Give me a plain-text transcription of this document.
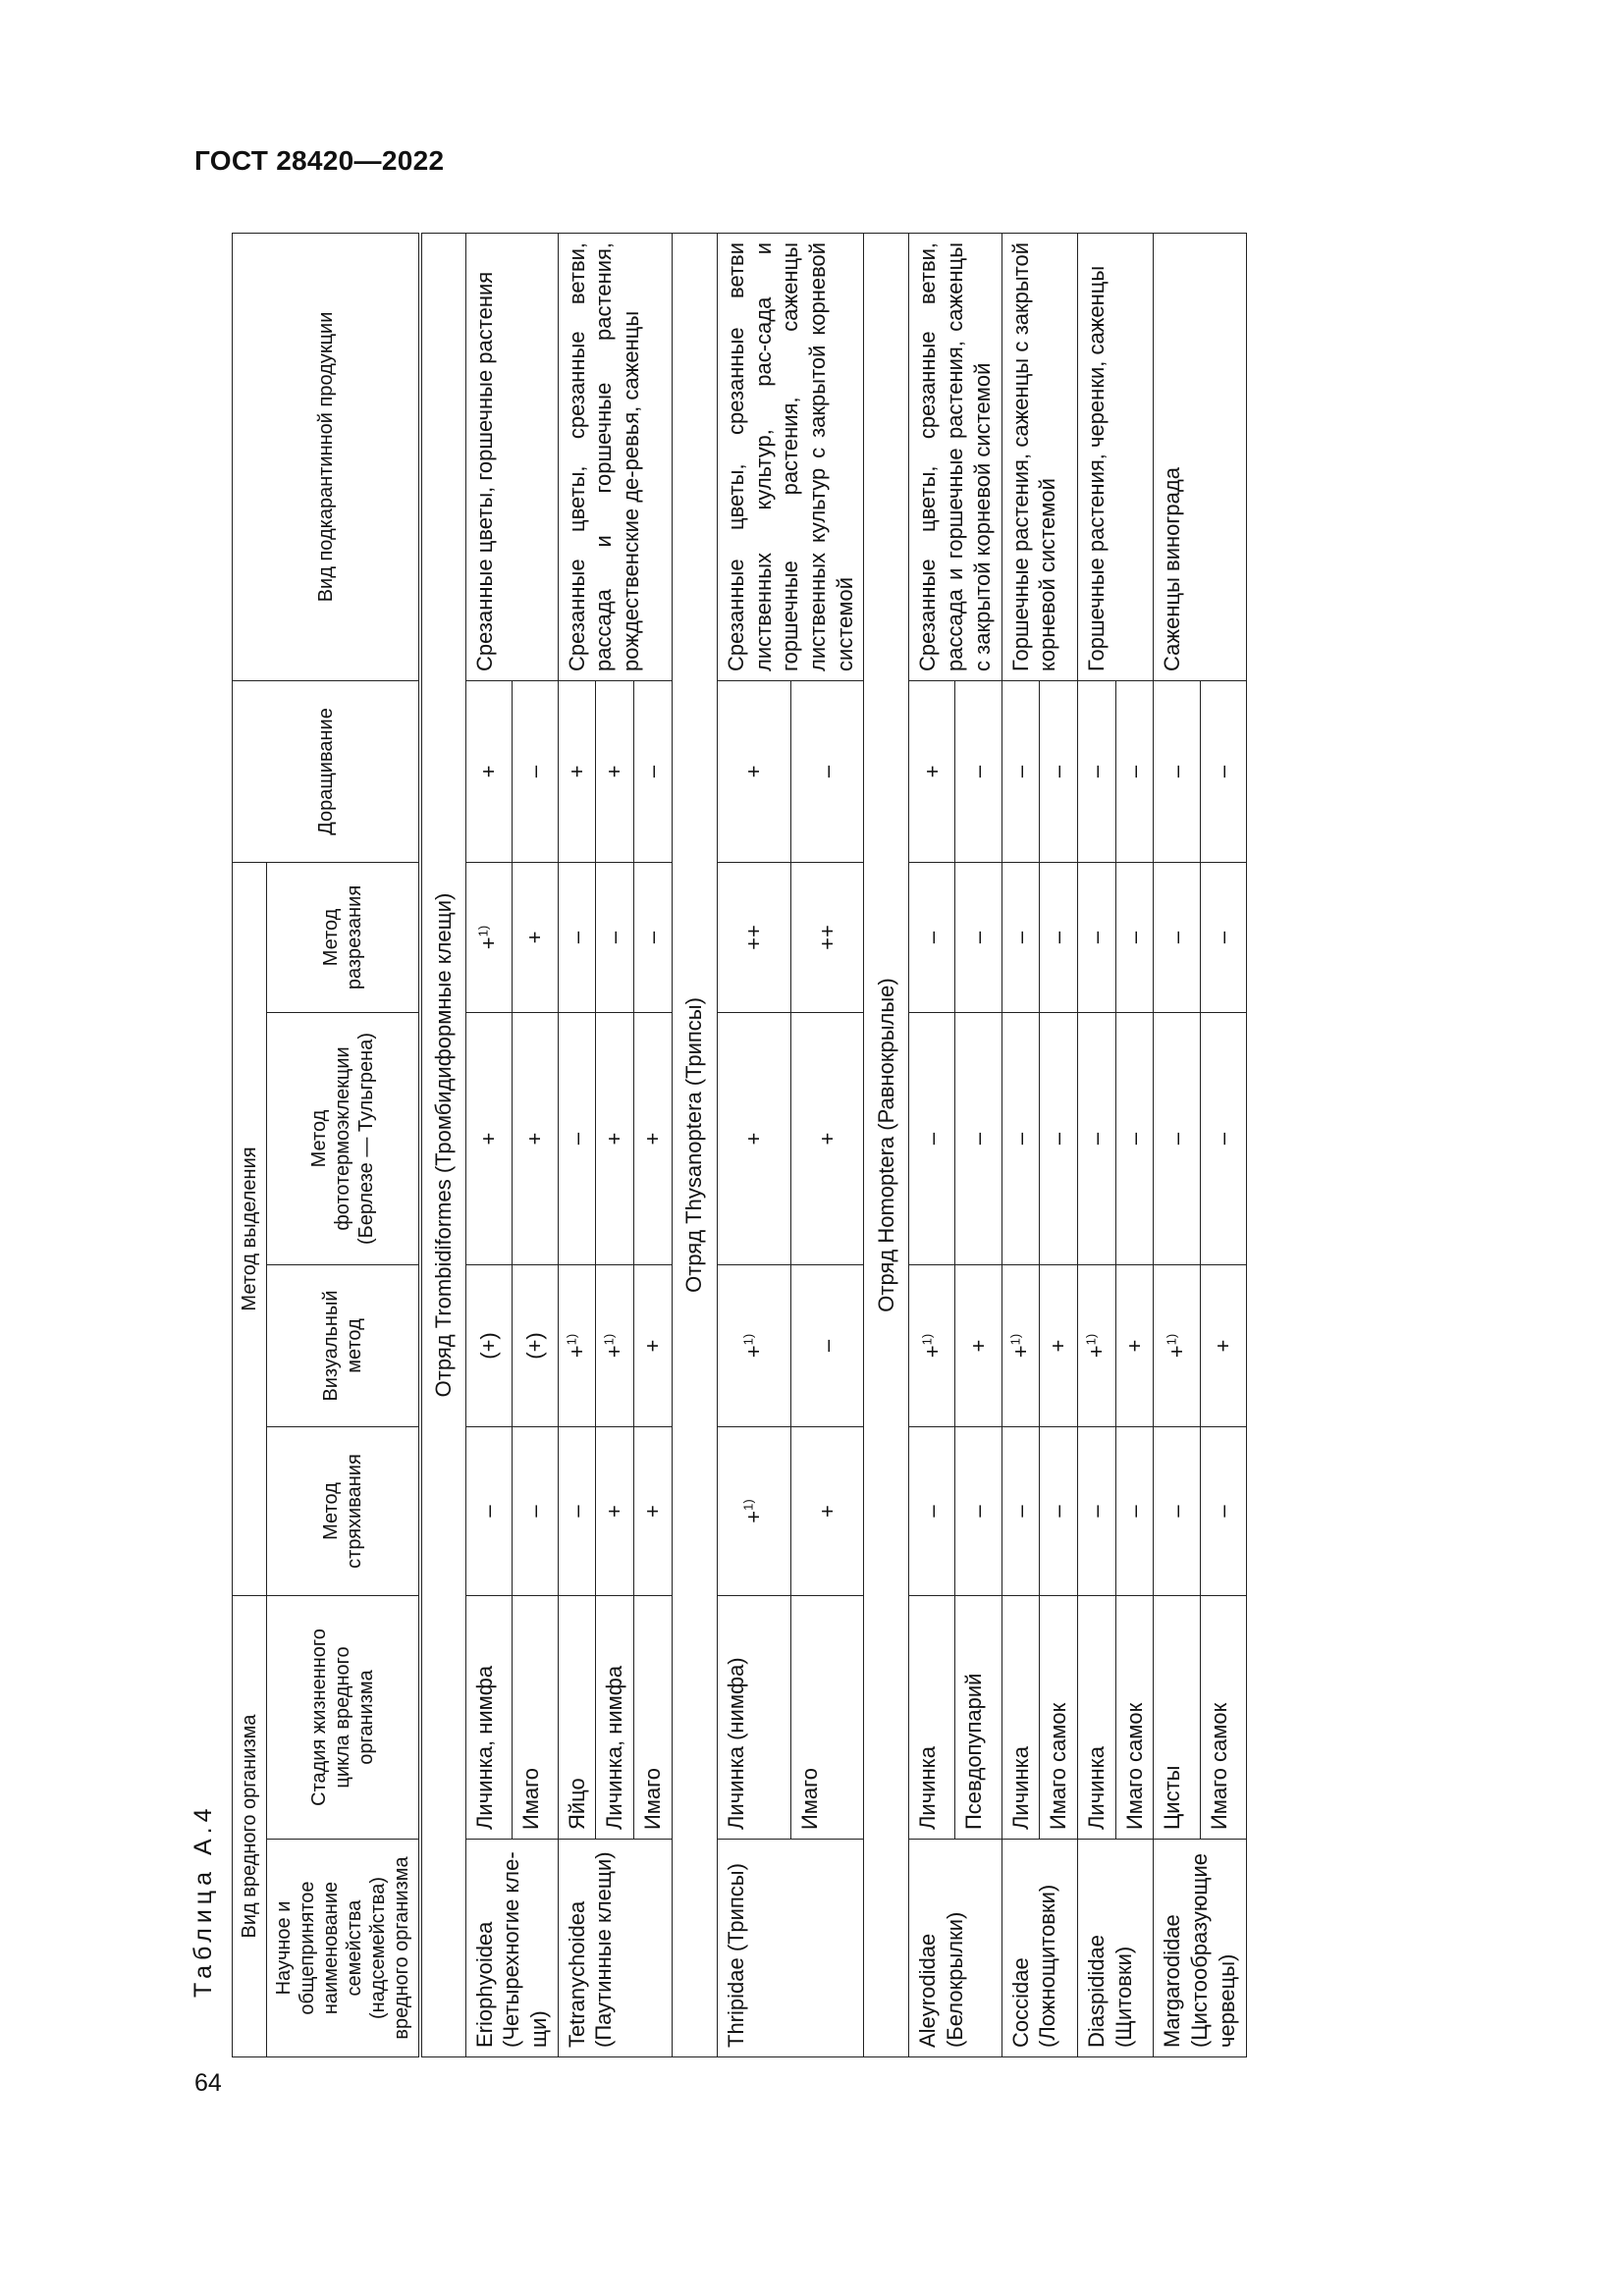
ГОСТ 28420—2022
Таблица А.4
64
Вид вредного организма		Метод выделения				Доращивание	Вид подкарантинной продукции
Научное и общепринятое наименование семейства (надсемейства) вредного организма	Стадия жизненного цикла вредного организма	Метод стряхивания	Визуальный метод	Метод фототермоэклекции (Берлезе — Тульгрена)	Метод разрезания		

Отряд Trombidiformes (Тромбидиформные клещи)							

Eriophyoidea (Четырехногие кле-щи)	Личинка, нимфа	–	(+)	+	+$^{1)}$	+	Срезанные цветы, горшечные растения
	Имаго	–	(+)	+	+	–	
Tetranychoidea (Паутинные клещи)	Яйцо	–	+$^{1)}$	–	–	+	Срезанные цветы, срезанные ветви, рассада и горшечные растения, рождественские де-ревья, саженцы
	Личинка, нимфа	+	+$^{1)}$	+	–	+	
	Имаго	+	+	+	–	–	

Отряд Thysanoptera (Трипсы)							

Thripidae (Трипсы)	Личинка (нимфа)	+$^{1)}$	+$^{1)}$	+	++	+	Срезанные цветы, срезанные ветви лиственных культур, рас-сада и горшечные растения, саженцы лиственных культур с закрытой корневой системой
	Имаго	+	–	+	++	–	

Отряд Homoptera (Равнокрылые)							

Aleyrodidae (Белокрылки)	Личинка	–	+$^{1)}$	–	–	+	Срезанные цветы, срезанные ветви, рассада и горшечные растения, саженцы с закрытой корневой системой
	Псевдопупарий	–	+	–	–	–	
Coccidae (Ложнощитовки)	Личинка	–	+$^{1)}$	–	–	–	Горшечные растения, саженцы с закрытой корневой системой
	Имаго самок	–	+	–	–	–	
Diaspididae (Щитовки)	Личинка	–	+$^{1)}$	–	–	–	Горшечные растения, черенки, саженцы
	Имаго самок	–	+	–	–	–	
Margarodidae (Цистообразующие червецы)	Цисты	–	+$^{1)}$	–	–	–	Саженцы винограда
	Имаго самок	–	+	–	–	–	
